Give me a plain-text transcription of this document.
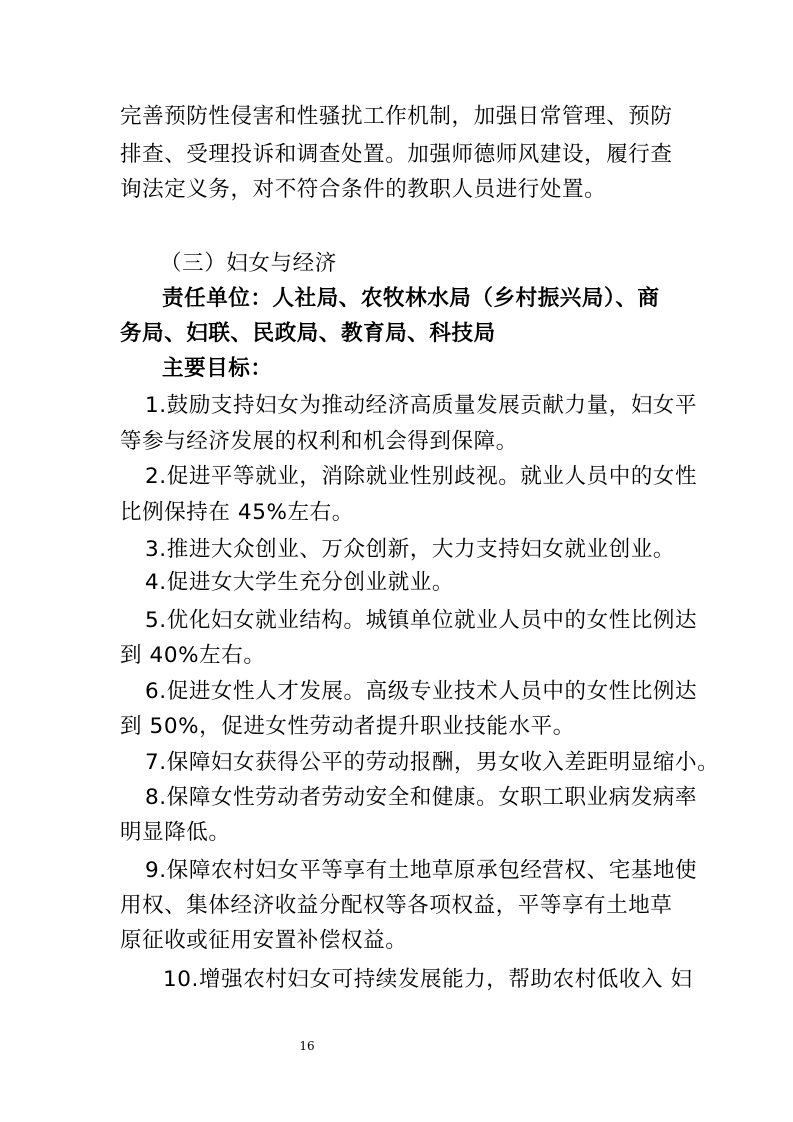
完善预防性侵害和性骚扰工作机制，加强日常管理、预防
排查、受理投诉和调查处置。加强师德师风建设，履行查
询法定义务，对不符合条件的教职人员进行处置。
（三）妇女与经济
责任单位：人社局、农牧林水局（乡村振兴局）、商
务局、妇联、民政局、教育局、科技局
主要目标：
1.鼓励支持妇女为推动经济高质量发展贡献力量，妇女平
等参与经济发展的权利和机会得到保障。
2.促进平等就业，消除就业性别歧视。就业人员中的女性
比例保持在 45%左右。
3.推进大众创业、万众创新，大力支持妇女就业创业。
4.促进女大学生充分创业就业。
5.优化妇女就业结构。城镇单位就业人员中的女性比例达
到 40%左右。
6.促进女性人才发展。高级专业技术人员中的女性比例达
到 50%，促进女性劳动者提升职业技能水平。
7.保障妇女获得公平的劳动报酬，男女收入差距明显缩小。
8.保障女性劳动者劳动安全和健康。女职工职业病发病率
明显降低。
9.保障农村妇女平等享有土地草原承包经营权、宅基地使
用权、集体经济收益分配权等各项权益，平等享有土地草
原征收或征用安置补偿权益。
10.增强农村妇女可持续发展能力，帮助农村低收入 妇
16
